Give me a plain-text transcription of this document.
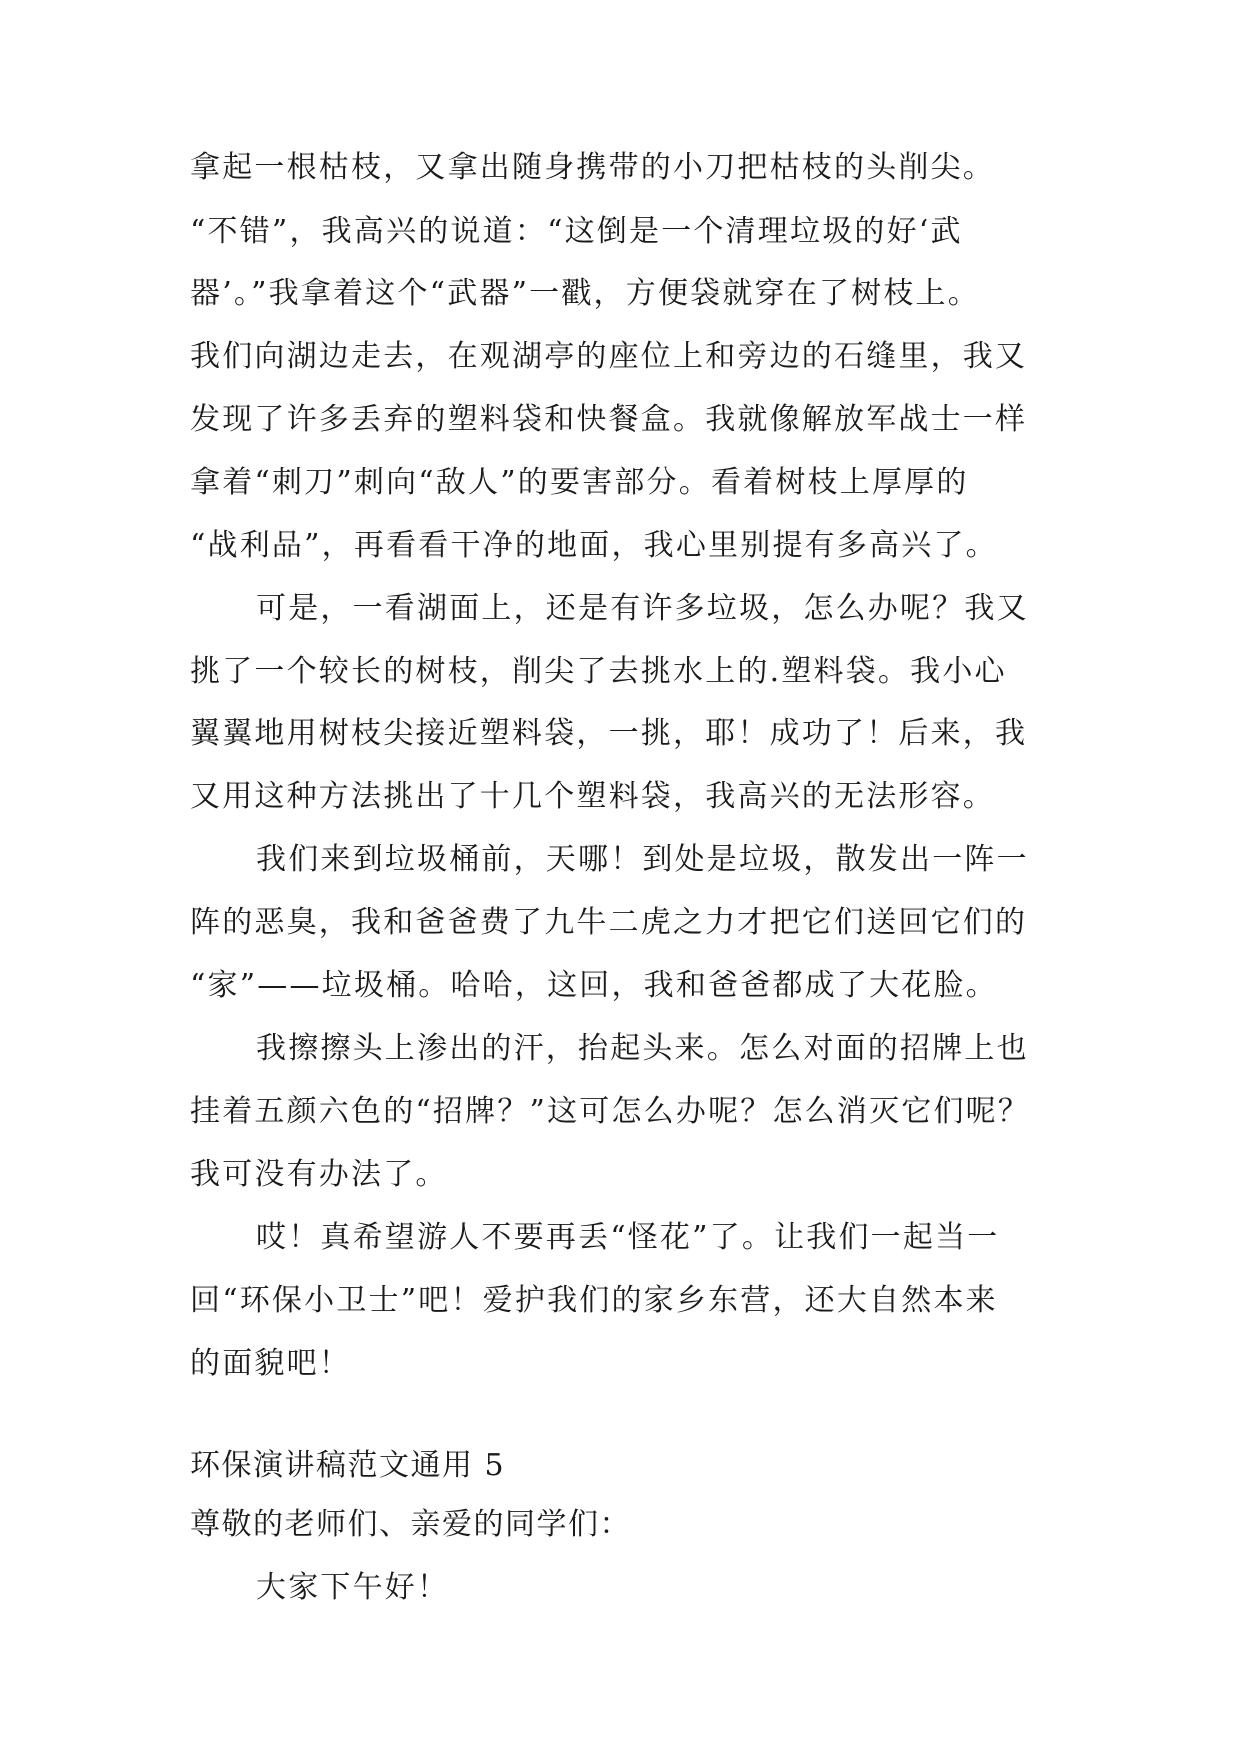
拿起一根枯枝，又拿出随身携带的小刀把枯枝的头削尖。
“不错”，我高兴的说道：“这倒是一个清理垃圾的好‘武
器’。”我拿着这个“武器”一戳，方便袋就穿在了树枝上。
我们向湖边走去，在观湖亭的座位上和旁边的石缝里，我又
发现了许多丢弃的塑料袋和快餐盒。我就像解放军战士一样
拿着“刺刀”刺向“敌人”的要害部分。看着树枝上厚厚的
“战利品”，再看看干净的地面，我心里别提有多高兴了。
可是，一看湖面上，还是有许多垃圾，怎么办呢？我又
挑了一个较长的树枝，削尖了去挑水上的.塑料袋。我小心
翼翼地用树枝尖接近塑料袋，一挑，耶！成功了！后来，我
又用这种方法挑出了十几个塑料袋，我高兴的无法形容。
我们来到垃圾桶前，天哪！到处是垃圾，散发出一阵一
阵的恶臭，我和爸爸费了九牛二虎之力才把它们送回它们的
“家”——垃圾桶。哈哈，这回，我和爸爸都成了大花脸。
我擦擦头上渗出的汗，抬起头来。怎么对面的招牌上也
挂着五颜六色的“招牌？”这可怎么办呢？怎么消灭它们呢？
我可没有办法了。
哎！真希望游人不要再丢“怪花”了。让我们一起当一
回“环保小卫士”吧！爱护我们的家乡东营，还大自然本来
的面貌吧！
环保演讲稿范文通用 5
尊敬的老师们、亲爱的同学们：
大家下午好！
